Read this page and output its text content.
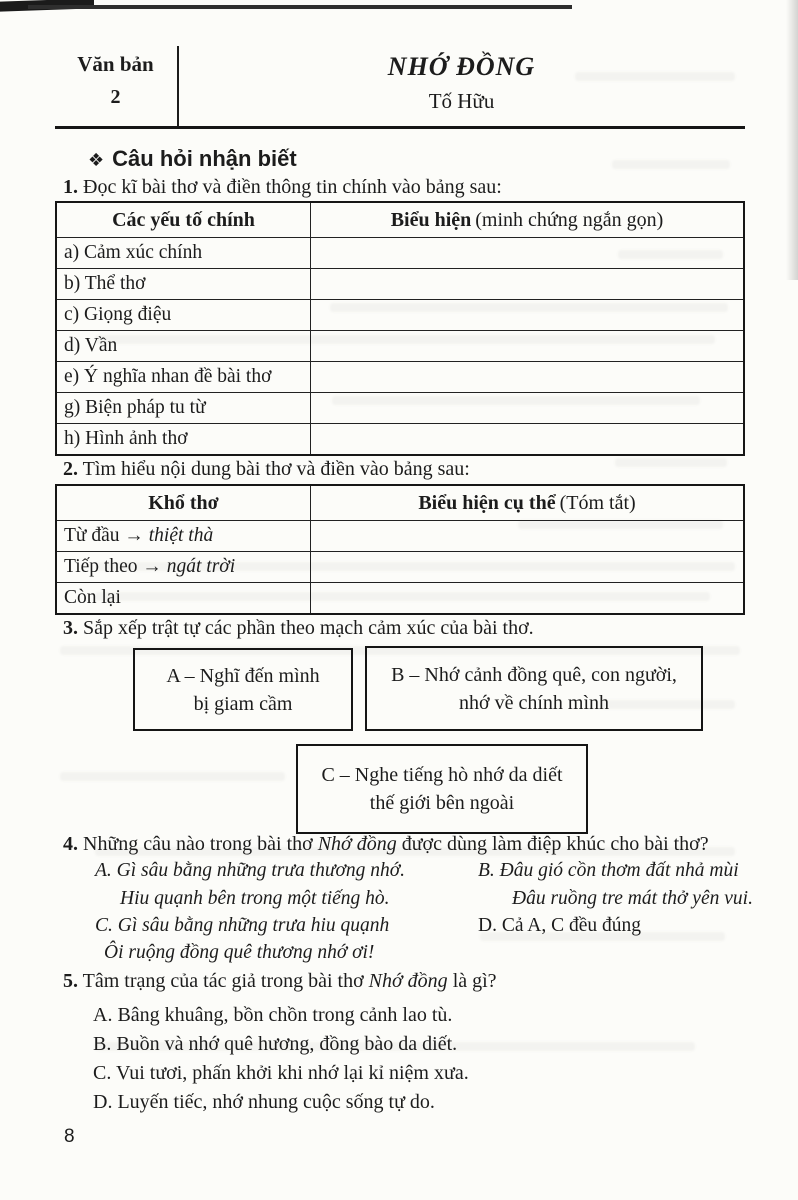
Văn bản
2
NHỚ ĐỒNG
Tố Hữu
❖ Câu hỏi nhận biết

1. Đọc kĩ bài thơ và điền thông tin chính vào bảng sau:

Các yếu tố chính	Biểu hiện (minh chứng ngắn gọn)
a) Cảm xúc chính	
b) Thể thơ	
c) Giọng điệu	
d) Vần	
e) Ý nghĩa nhan đề bài thơ	
g) Biện pháp tu từ	
h) Hình ảnh thơ	

2. Tìm hiểu nội dung bài thơ và điền vào bảng sau:

Khổ thơ	Biểu hiện cụ thể (Tóm tắt)
Từ đầu → thiệt thà	
Tiếp theo → ngát trời	
Còn lại	

3. Sắp xếp trật tự các phần theo mạch cảm xúc của bài thơ.

A – Nghĩ đến mình
bị giam cầm
B – Nhớ cảnh đồng quê, con người,
nhớ về chính mình
C – Nghe tiếng hò nhớ da diết
thế giới bên ngoài

4. Những câu nào trong bài thơ Nhớ đồng được dùng làm điệp khúc cho bài thơ?

A. Gì sâu bằng những trưa thương nhớ.	B. Đâu gió cồn thơm đất nhả mùi
Hiu quạnh bên trong một tiếng hò.	Đâu ruồng tre mát thở yên vui.
C. Gì sâu bằng những trưa hiu quạnh	D. Cả A, C đều đúng
Ôi ruộng đồng quê thương nhớ ơi!

5. Tâm trạng của tác giả trong bài thơ Nhớ đồng là gì?

A. Bâng khuâng, bồn chồn trong cảnh lao tù.
B. Buồn và nhớ quê hương, đồng bào da diết.
C. Vui tươi, phấn khởi khi nhớ lại kỉ niệm xưa.
D. Luyến tiếc, nhớ nhung cuộc sống tự do.
8
